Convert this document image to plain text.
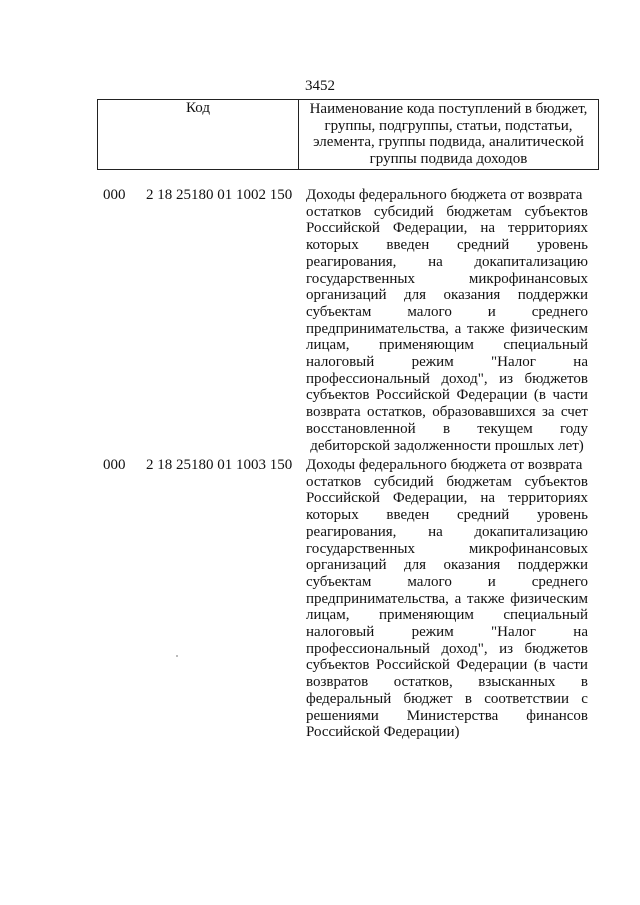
3452
Код	Наименование кода поступлений в бюджет,
группы, подгруппы, статьи, подстатьи,
элемента, группы подвида, аналитической
группы подвида доходов
000 2 18 25180 01 1002 150 Доходы федерального бюджета от возврата
остатков субсидий бюджетам субъектов
Российской Федерации, на территориях
которых введен средний уровень
реагирования, на докапитализацию
государственных	микрофинансовых
организаций для оказания поддержки
субъектам малого и среднего
предпринимательства, а также физическим
лицам, применяющим специальный
налоговый режим "Налог на
профессиональный доход", из бюджетов
субъектов Российской Федерации (в части
возврата остатков, образовавшихся за счет
восстановленной в текущем году
дебиторской задолженности прошлых лет)
000 2 18 25180 01 1003 150 Доходы федерального бюджета от возврата
остатков субсидий бюджетам субъектов
Российской Федерации, на территориях
которых введен средний уровень
реагирования, на докапитализацию
государственных	микрофинансовых
организаций для оказания поддержки
субъектам малого и среднего
предпринимательства, а также физическим
лицам, применяющим специальный
налоговый режим "Налог на
профессиональный доход", из бюджетов
субъектов Российской Федерации (в части
возвратов остатков, взысканных в
федеральный бюджет в соответствии с
решениями Министерства финансов
Российской Федерации)
